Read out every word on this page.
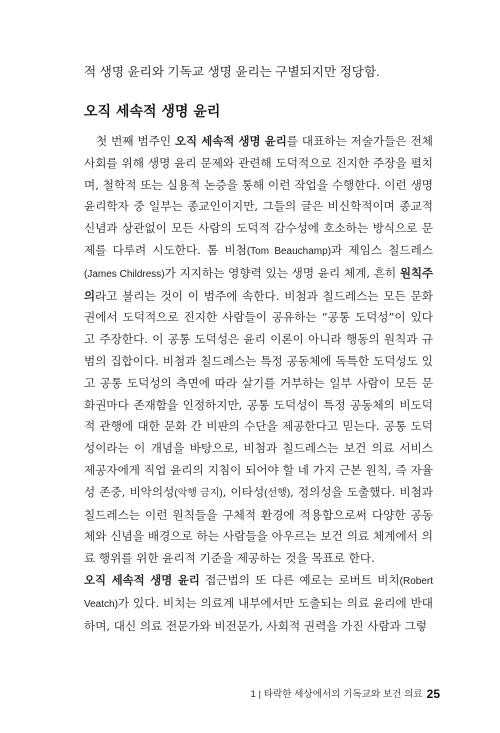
적 생명 윤리와 기독교 생명 윤리는 구별되지만 정당함.
오직 세속적 생명 윤리

첫 번째 범주인 오직 세속적 생명 윤리를 대표하는 저술가들은 전체 사회를 위해 생명 윤리 문제와 관련해 도덕적으로 진지한 주장을 펼치며, 철학적 또는 실용적 논증을 통해 이런 작업을 수행한다. 이런 생명 윤리학자 중 일부는 종교인이지만, 그들의 글은 비신학적이며 종교적 신념과 상관없이 모든 사람의 도덕적 감수성에 호소하는 방식으로 문제를 다루려 시도한다. 톰 비첨(Tom Beauchamp)과 제임스 칠드레스(James Childress)가 지지하는 영향력 있는 생명 윤리 체계, 흔히 원칙주의라고 불리는 것이 이 범주에 속한다. 비첨과 칠드레스는 모든 문화권에서 도덕적으로 진지한 사람들이 공유하는 “공통 도덕성”이 있다고 주장한다. 이 공통 도덕성은 윤리 이론이 아니라 행동의 원칙과 규범의 집합이다. 비첨과 칠드레스는 특정 공동체에 독특한 도덕성도 있고 공통 도덕성의 측면에 따라 살기를 거부하는 일부 사람이 모든 문화권마다 존재함을 인정하지만, 공통 도덕성이 특정 공동체의 비도덕적 관행에 대한 문화 간 비판의 수단을 제공한다고 믿는다. 공통 도덕성이라는 이 개념을 바탕으로, 비첨과 칠드레스는 보건 의료 서비스 제공자에게 직업 윤리의 지침이 되어야 할 네 가지 근본 원칙, 즉 자율성 존중, 비악의성(악행 금지), 이타성(선행), 정의성을 도출했다. 비첨과 칠드레스는 이런 원칙들을 구체적 환경에 적용함으로써 다양한 공동체와 신념을 배경으로 하는 사람들을 아우르는 보건 의료 체계에서 의료 행위를 위한 윤리적 기준을 제공하는 것을 목표로 한다.

오직 세속적 생명 윤리 접근법의 또 다른 예로는 로버트 비치(Robert Veatch)가 있다. 비치는 의료계 내부에서만 도출되는 의료 윤리에 반대하며, 대신 의료 전문가와 비전문가, 사회적 권력을 가진 사람과 그렇

1 | 타락한 세상에서의 기독교와 보건 의료 25
